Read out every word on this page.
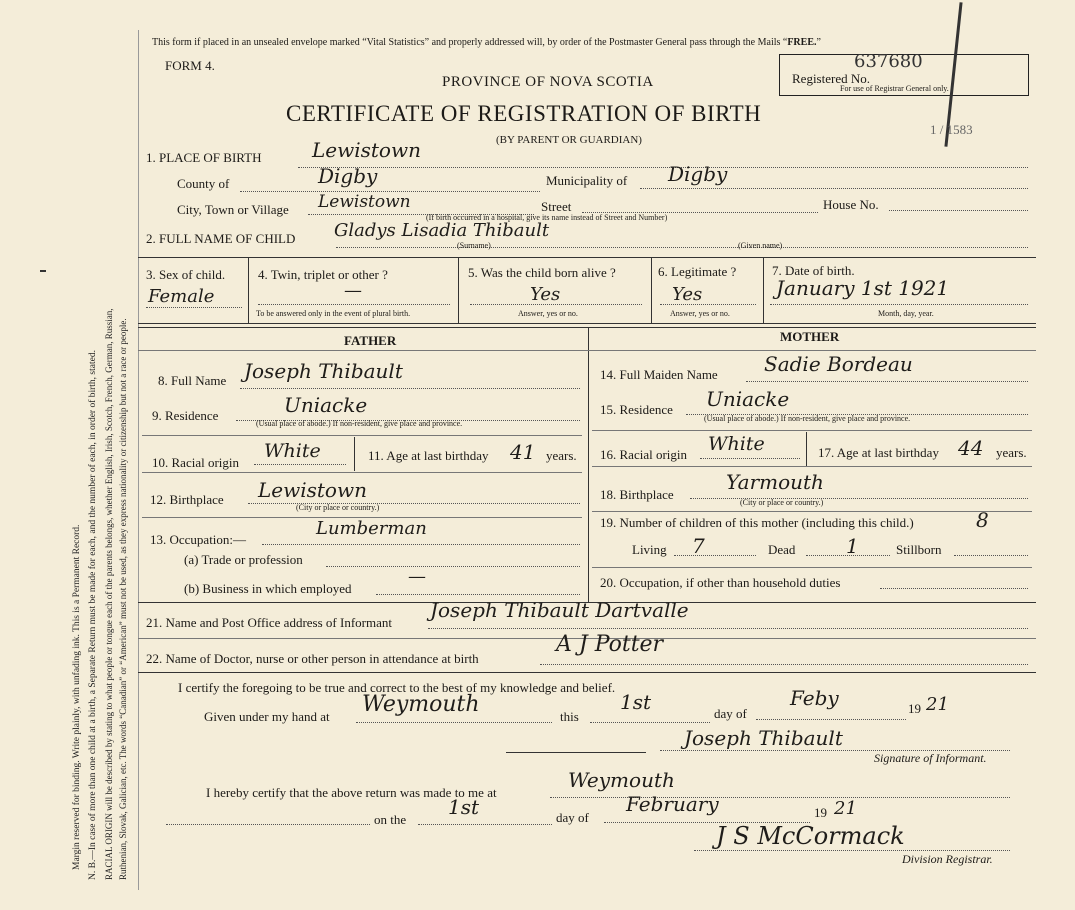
Margin reserved for binding. Write plainly, with unfading ink. This is a Permanent Record. N. B.—In case of more than one child at a birth, a Separate Return must be made for each, and the number of each, in order of birth, stated. RACIAL ORIGIN will be described by stating to what people or tongue each of the parents belongs, whether English, Irish, Scotch, French, German, Russian, Ruthenian, Slovak, Galician, etc. The words “Canadian” or “American” must not be used, as they express nationality or citizenship but not a race or people.
This form if placed in an unsealed envelope marked “Vital Statistics” and properly addressed will, by order of the Postmaster General pass through the Mails “FREE.”
FORM 4.
PROVINCE OF NOVA SCOTIA
CERTIFICATE OF REGISTRATION OF BIRTH
(BY PARENT OR GUARDIAN)
Registered No.
637680
For use of Registrar General only.
1 / 1583
1. PLACE OF BIRTH	Lewistown
County of	Digby	Municipality of Digby
City, Town or Village Lewistown	Street	House No.
(If birth occurred in a hospital, give its name instead of Street and Number)
2. FULL NAME OF CHILD Gladys Lisadia Thibault
(Surname)	(Given name)
3. Sex of child.
Female
4. Twin, triplet or other ?
—
To be answered only in the event of plural birth.
5. Was the child born alive ?
Yes
Answer, yes or no.
6. Legitimate ?
Yes
Answer, yes or no.
7. Date of birth.
January 1st 1921
Month, day, year.
FATHER	MOTHER
8. Full Name Joseph Thibault
9. Residence	Uniacke
(Usual place of abode.) If non-resident, give place and province.
10. Racial origin
White	11. Age at last birthday 41 years.
12. Birthplace Lewistown
(City or place or country.)
13. Occupation:—
Lumberman
(a) Trade or profession
(b) Business in which employed
—
14. Full Maiden Name Sadie Bordeau
15. Residence Uniacke
(Usual place of abode.) If non-resident, give place and province.
16. Racial origin White	17. Age at last birthday 44 years.
18. Birthplace
Yarmouth
(City or place or country.)
19. Number of children of this mother (including this child.)	8
Living 7	Dead	1	Stillborn
20. Occupation, if other than household duties
21. Name and Post Office address of Informant
Joseph Thibault Dartvalle
22. Name of Doctor, nurse or other person in attendance at birth
A J Potter
I certify the foregoing to be true and correct to the best of my knowledge and belief.
Given under my hand at Weymouth	this
1st	day of
Feby	19 21
Joseph Thibault
Signature of Informant.
I hereby certify that the above return was made to me at
Weymouth
on the
1st	day of
February	19 21
J S McCormack
Division Registrar.
